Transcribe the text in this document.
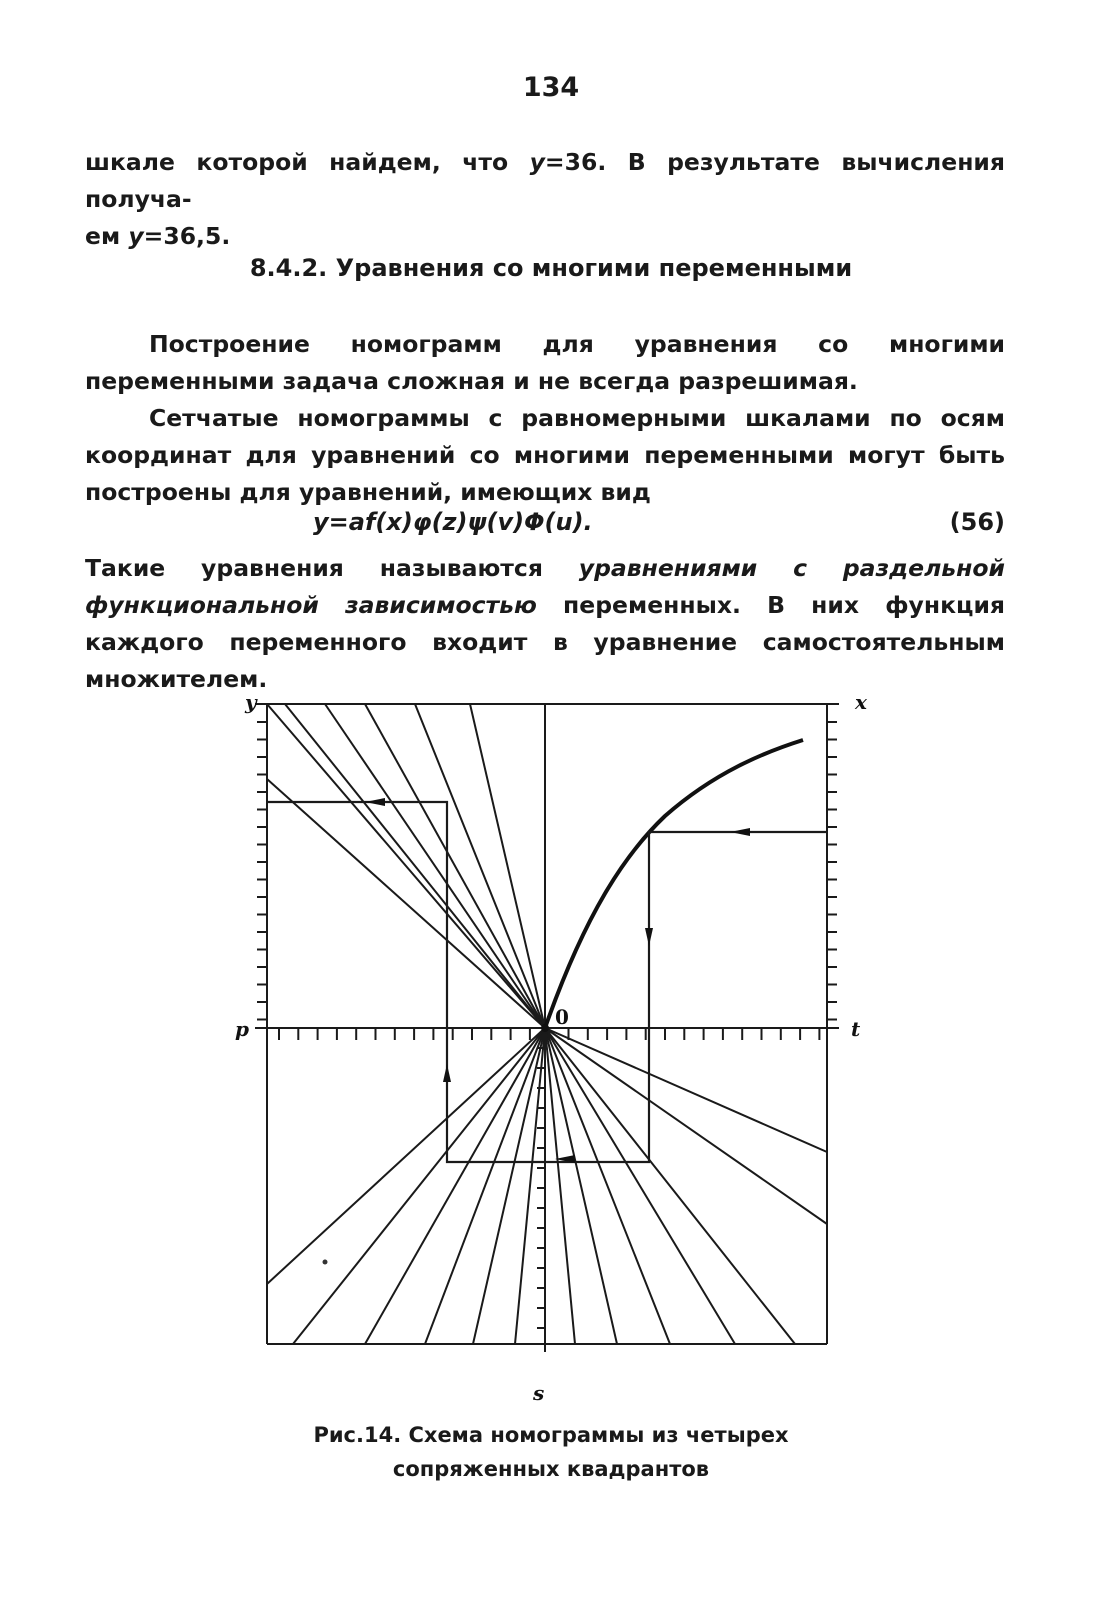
134
шкале которой найдем, что y=36. В результате вычисления получа-
ем y=36,5.
8.4.2. Уравнения со многими переменными
Построение номограмм для уравнения со многими переменными задача сложная и не всегда разрешимая.
Сетчатые номограммы с равномерными шкалами по осям координат для уравнений со многими переменными могут быть построены для уравнений, имеющих вид
y=af(x)φ(z)ψ(v)Φ(u).	(56)
Такие уравнения называются уравнениями с раздельной функциональной зависимостью переменных. В них функция каждого переменного входит в уравнение самостоятельным множителем.
y	x
p	t
0
s
Рис.14. Схема номограммы из четырех
сопряженных квадрантов
